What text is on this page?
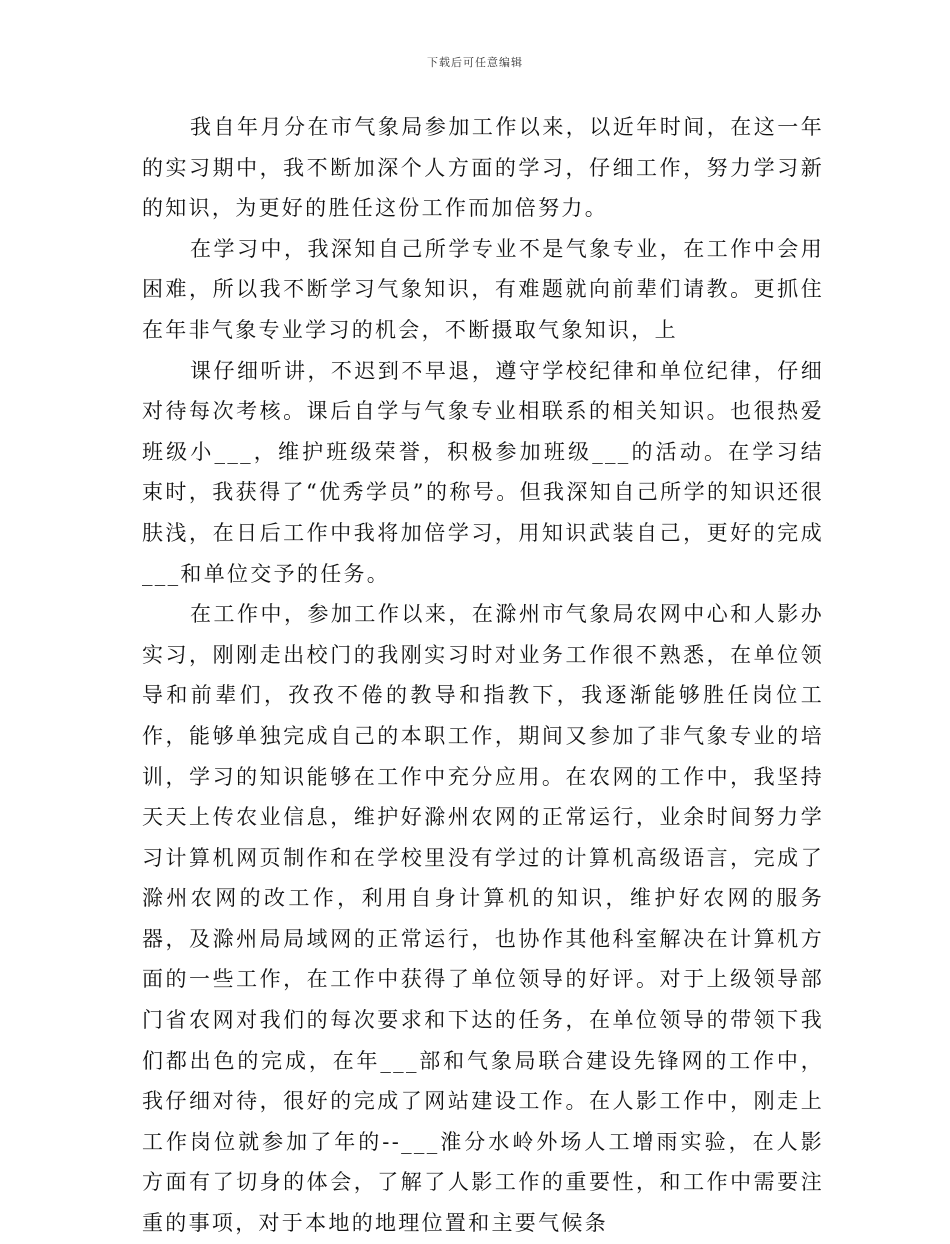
下载后可任意编辑

我自年月分在市气象局参加工作以来，以近年时间，在这一年的实习期中，我不断加深个人方面的学习，仔细工作，努力学习新的知识，为更好的胜任这份工作而加倍努力。

在学习中，我深知自己所学专业不是气象专业，在工作中会用困难，所以我不断学习气象知识，有难题就向前辈们请教。更抓住在年非气象专业学习的机会，不断摄取气象知识，上

课仔细听讲，不迟到不早退，遵守学校纪律和单位纪律，仔细对待每次考核。课后自学与气象专业相联系的相关知识。也很热爱班级小___，维护班级荣誉，积极参加班级___的活动。在学习结束时，我获得了“优秀学员”的称号。但我深知自己所学的知识还很肤浅，在日后工作中我将加倍学习，用知识武装自己，更好的完成___和单位交予的任务。

在工作中，参加工作以来，在滁州市气象局农网中心和人影办实习，刚刚走出校门的我刚实习时对业务工作很不熟悉，在单位领导和前辈们，孜孜不倦的教导和指教下，我逐渐能够胜任岗位工作，能够单独完成自己的本职工作，期间又参加了非气象专业的培训，学习的知识能够在工作中充分应用。在农网的工作中，我坚持天天上传农业信息，维护好滁州农网的正常运行，业余时间努力学习计算机网页制作和在学校里没有学过的计算机高级语言，完成了滁州农网的改工作，利用自身计算机的知识，维护好农网的服务器，及滁州局局域网的正常运行，也协作其他科室解决在计算机方面的一些工作，在工作中获得了单位领导的好评。对于上级领导部门省农网对我们的每次要求和下达的任务，在单位领导的带领下我们都出色的完成，在年___部和气象局联合建设先锋网的工作中，我仔细对待，很好的完成了网站建设工作。在人影工作中，刚走上工作岗位就参加了年的--___淮分水岭外场人工增雨实验，在人影方面有了切身的体会，了解了人影工作的重要性，和工作中需要注重的事项，对于本地的地理位置和主要气候条
